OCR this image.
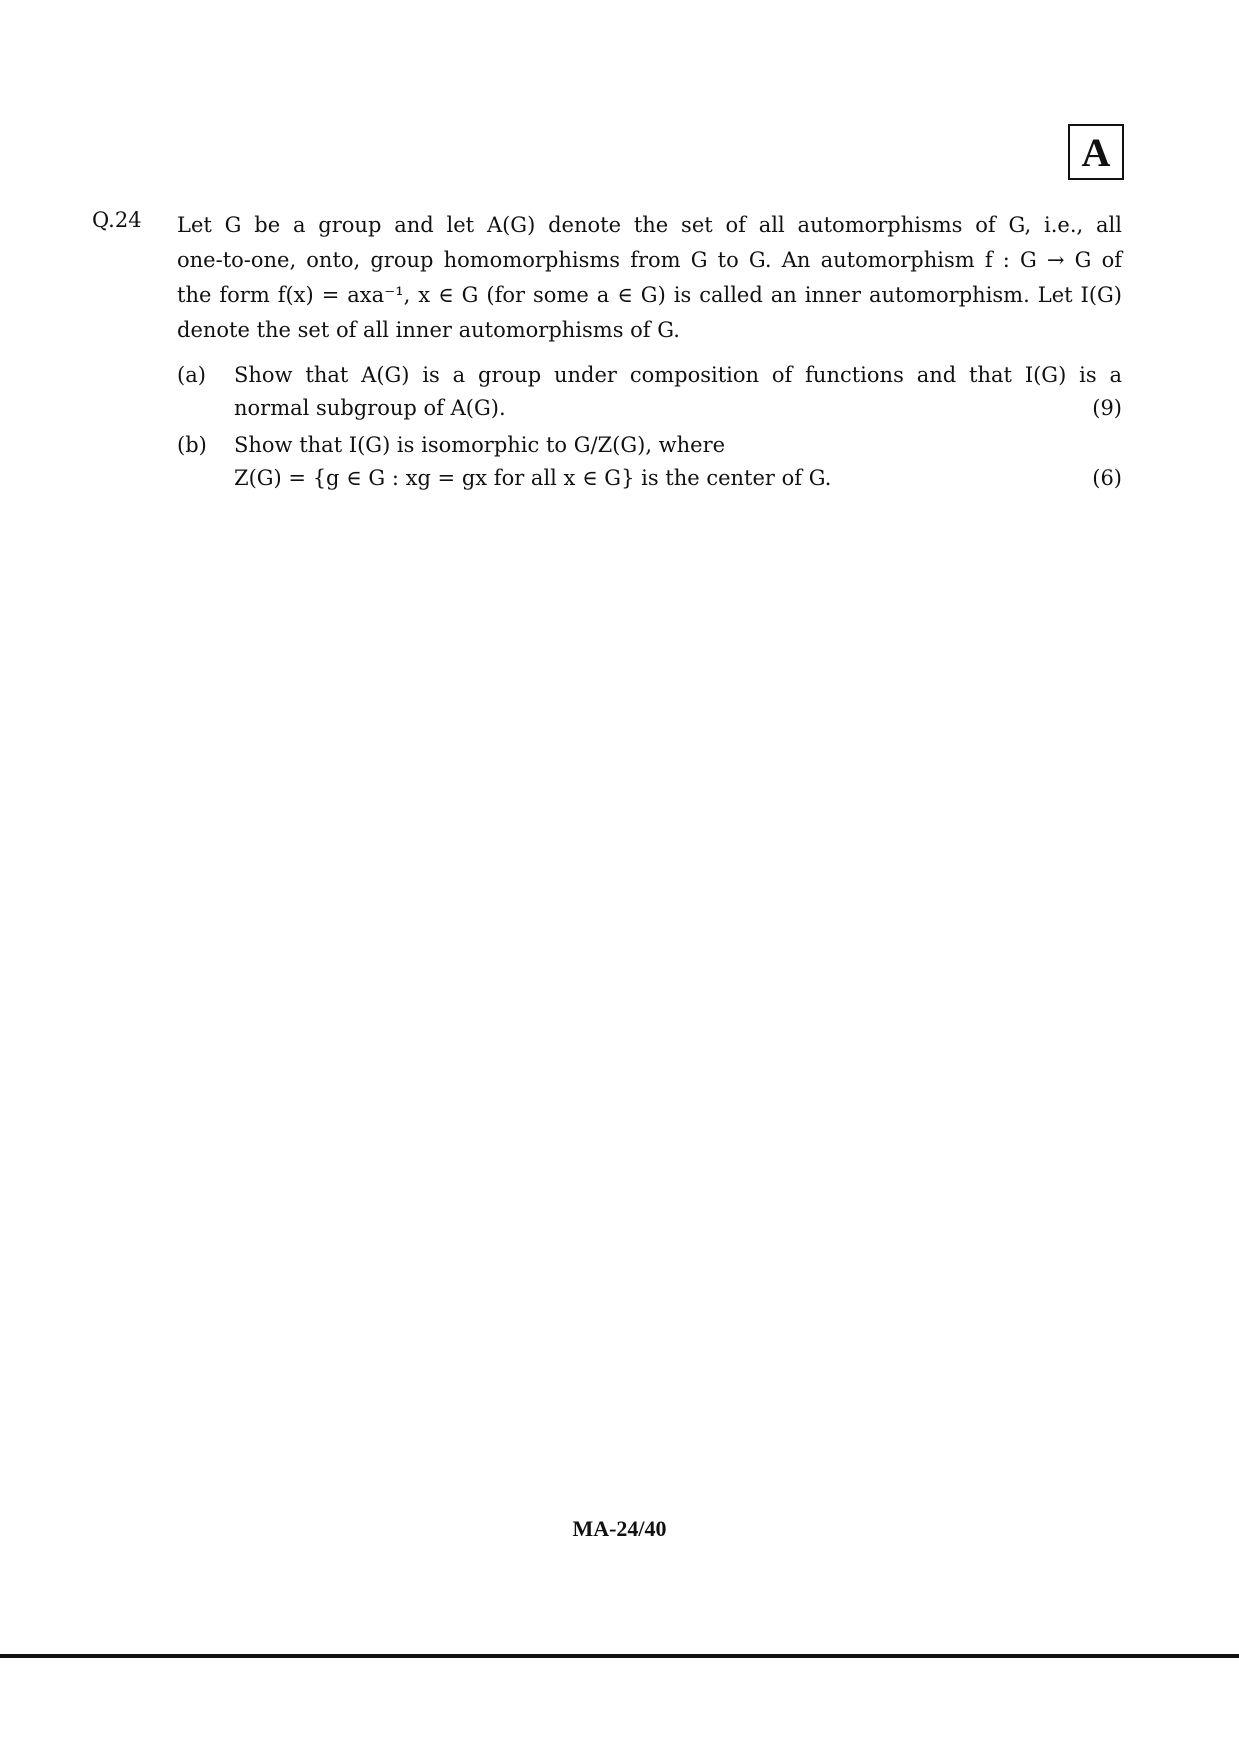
A
Q.24 Let G be a group and let A(G) denote the set of all automorphisms of G, i.e., all
one-to-one, onto, group homomorphisms from G to G. An automorphism f : G → G of
the form f(x) = axa⁻¹, x ∈ G (for some a ∈ G) is called an inner automorphism. Let I(G)
denote the set of all inner automorphisms of G.
(a)	Show that A(G) is a group under composition of functions and that I(G) is a
normal subgroup of A(G).	(9)
(b)	Show that I(G) is isomorphic to G/Z(G), where
Z(G) = {g ∈ G : xg = gx for all x ∈ G} is the center of G.	(6)
MA-24/40
